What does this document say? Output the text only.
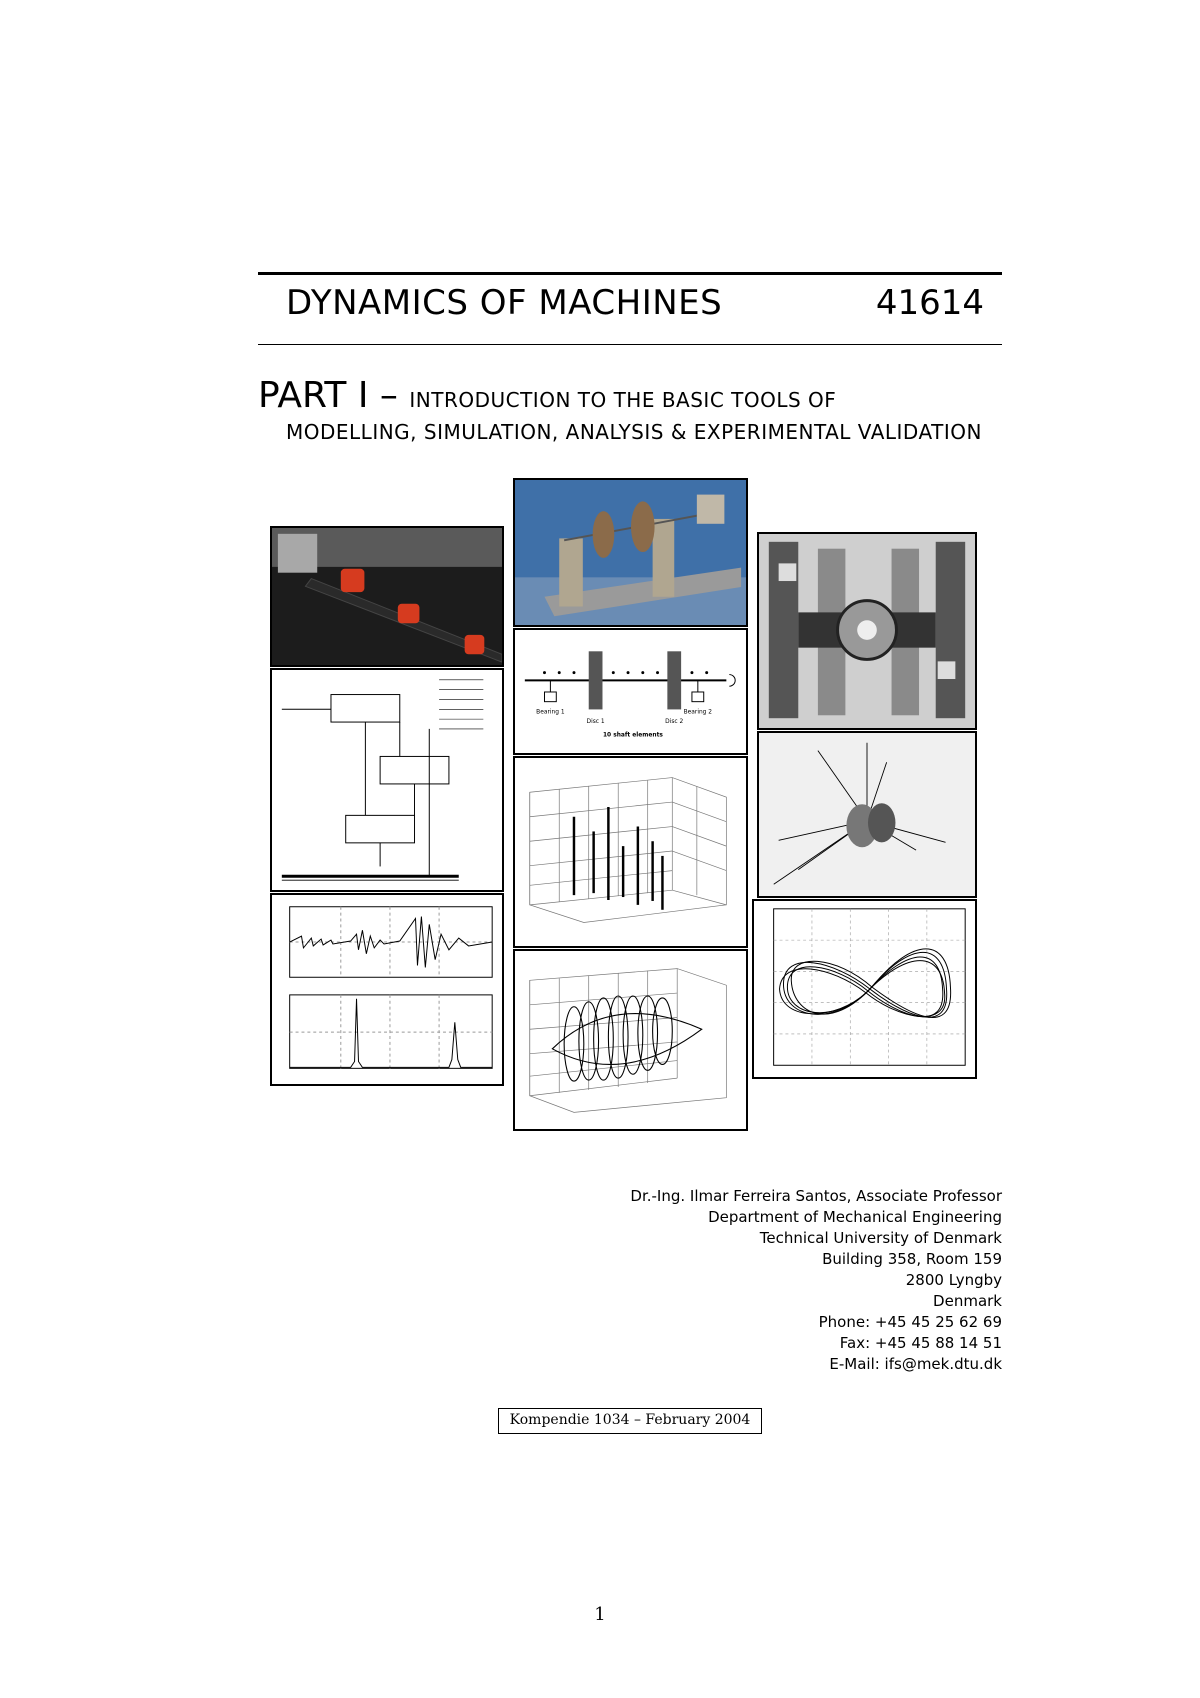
DYNAMICS OF MACHINES	41614
PART I – INTRODUCTION TO THE BASIC TOOLS OF
MODELLING, SIMULATION, ANALYSIS & EXPERIMENTAL VALIDATION
Disc 1	Disc 2
Bearing 1	Bearing 2
10 shaft elements
Dr.-Ing. Ilmar Ferreira Santos, Associate Professor
Department of Mechanical Engineering
Technical University of Denmark
Building 358, Room 159
2800 Lyngby
Denmark
Phone: +45 45 25 62 69
Fax: +45 45 88 14 51
E-Mail: ifs@mek.dtu.dk
Kompendie 1034 – February 2004
1
